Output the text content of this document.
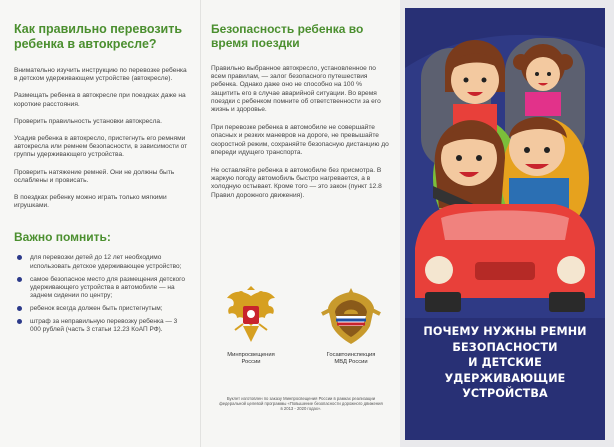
Как правильно перевозить ребенка в автокресле?

Внимательно изучить инструкцию по перевозке ребенка в детском удерживающем устройстве (автокресле).

Размещать ребенка в автокресле при поездках даже на короткие расстояния.

Проверить правильность установки автокресла.

Усадив ребенка в автокресло, пристегнуть его ремнями автокресла или ремнем безопасности, в зависимости от группы удерживающего устройства.

Проверить натяжение ремней. Они не должны быть ослаблены и провисать.

В поездках ребенку можно играть только мягкими игрушками.

Важно помнить:
для перевозки детей до 12 лет необходимо использовать детское удерживающее устройство;
самое безопасное место для размещения детского удерживающего устройства в автомобиле — на заднем сидении по центру;
ребенок всегда должен быть пристегнутым;
штраф за неправильную перевозку ребенка — 3 000 рублей (часть 3 статьи 12.23 КоАП РФ).
Безопасность ребенка во время поездки

Правильно выбранное автокресло, установленное по всем правилам, — залог безопасного путешествия ребенка. Однако даже оно не способно на 100 % защитить его в случае аварийной ситуации. Во время поездки с ребенком помните об ответственности за его жизнь и здоровье.

При перевозке ребенка в автомобиле не совершайте опасных и резких маневров на дороге, не превышайте скоростной режим, сохраняйте безопасную дистанцию до впереди идущего транспорта.

Не оставляйте ребенка в автомобиле без присмотра. В жаркую погоду автомобиль быстро нагревается, а в холодную остывает. Кроме того — это закон (пункт 12.8 Правил дорожного движения).

Минпросвещения
России
Госавтоинспекция
МВД России
Буклет изготовлен по заказу Минпросвещения России в рамках реализации федеральной целевой программы «Повышение безопасности дорожного движения в 2013 - 2020 годах».
ПОЧЕМУ НУЖНЫ РЕМНИ
БЕЗОПАСНОСТИ
И ДЕТСКИЕ
УДЕРЖИВАЮЩИЕ
УСТРОЙСТВА
